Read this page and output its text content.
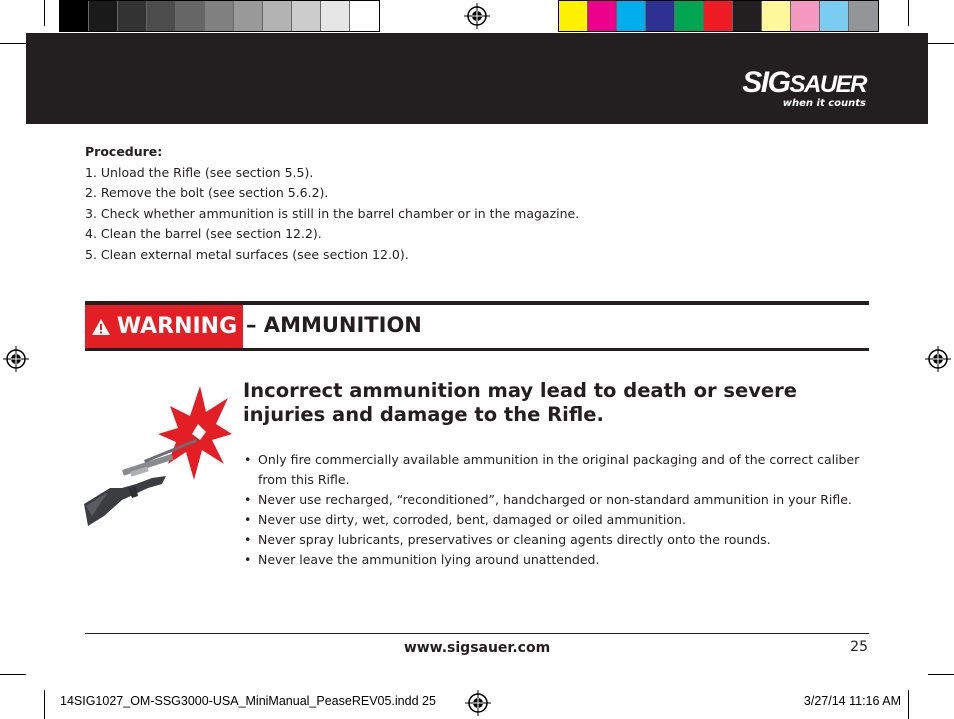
SIGSAUER
when it counts
Procedure:
1. Unload the Rifle (see section 5.5).
2. Remove the bolt (see section 5.6.2).
3. Check whether ammunition is still in the barrel chamber or in the magazine.
4. Clean the barrel (see section 12.2).
5. Clean external metal surfaces (see section 12.0).
WARNING – AMMUNITION
Incorrect ammunition may lead to death or severe injuries and damage to the Rifle.
• Only fire commercially available ammunition in the original packaging and of the correct caliber from this Rifle.
• Never use recharged, “reconditioned”, handcharged or non-standard ammunition in your Rifle.
• Never use dirty, wet, corroded, bent, damaged or oiled ammunition.
• Never spray lubricants, preservatives or cleaning agents directly onto the rounds.
• Never leave the ammunition lying around unattended.
www.sigsauer.com	25
14SIG1027_OM-SSG3000-USA_MiniManual_PeaseREV05.indd 25	3/27/14 11:16 AM
